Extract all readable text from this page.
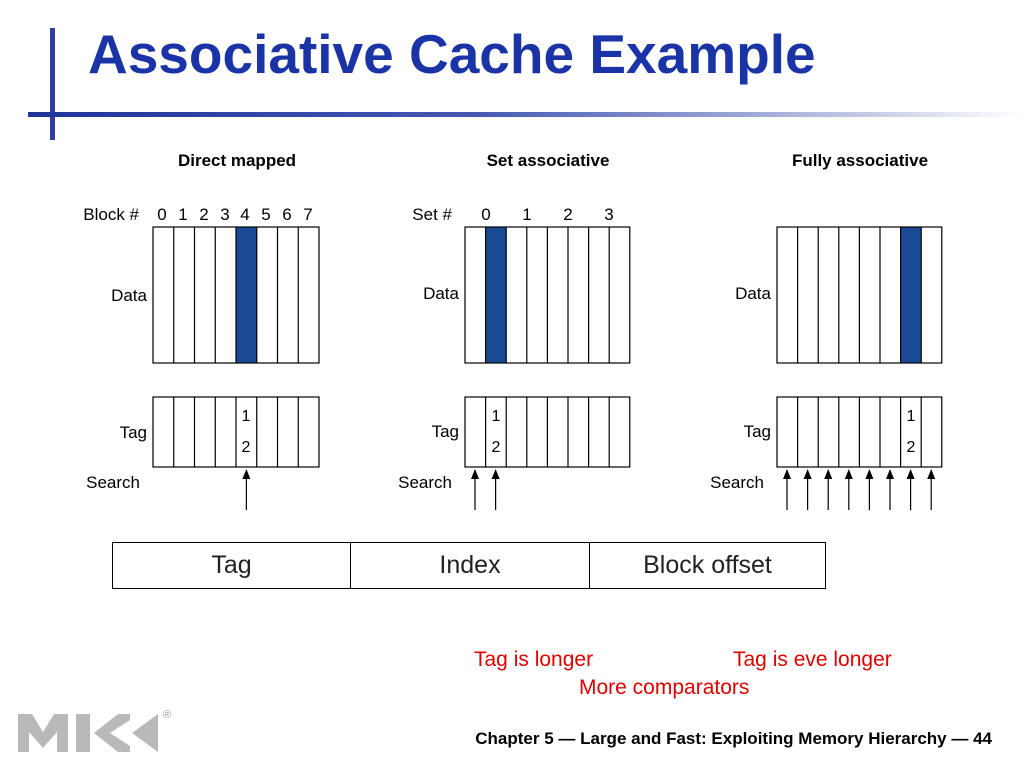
Associative Cache Example
Direct mapped
Block # 0 1 2 3 4 5 6 7
Data
Tag
Search
1
2
Set associative
Set # 0 1 2 3
Data
Tag
Search
1
2
Fully associative
Data
Tag
Search
1
2
Tag	Index	Block offset
Tag is longer	Tag is eve longer
More comparators
®
Chapter 5 — Large and Fast: Exploiting Memory Hierarchy — 44
